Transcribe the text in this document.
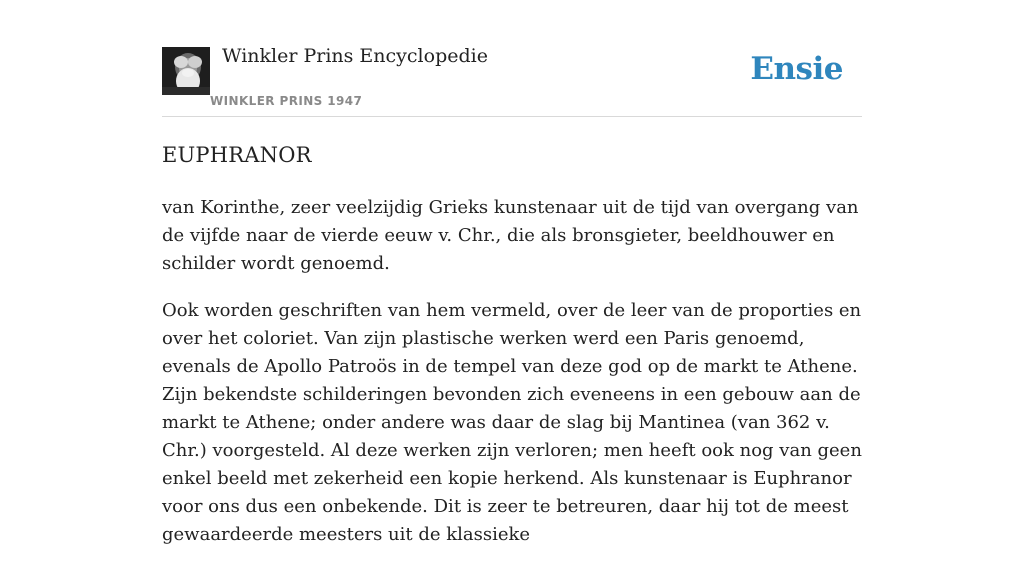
Winkler Prins Encyclopedie
WINKLER PRINS 1947
Ensie
EUPHRANOR

van Korinthe, zeer veelzijdig Grieks kunstenaar uit de tijd van overgang van de vijfde naar de vierde eeuw v. Chr., die als bronsgieter, beeldhouwer en schilder wordt genoemd.

Ook worden geschriften van hem vermeld, over de leer van de proporties en over het coloriet. Van zijn plastische werken werd een Paris genoemd, evenals de Apollo Patroös in de tempel van deze god op de markt te Athene. Zijn bekendste schilderingen bevonden zich eveneens in een gebouw aan de markt te Athene; onder andere was daar de slag bij Mantinea (van 362 v. Chr.) voorgesteld. Al deze werken zijn verloren; men heeft ook nog van geen enkel beeld met zekerheid een kopie herkend. Als kunstenaar is Euphranor voor ons dus een onbekende. Dit is zeer te betreuren, daar hij tot de meest gewaardeerde meesters uit de klassieke
